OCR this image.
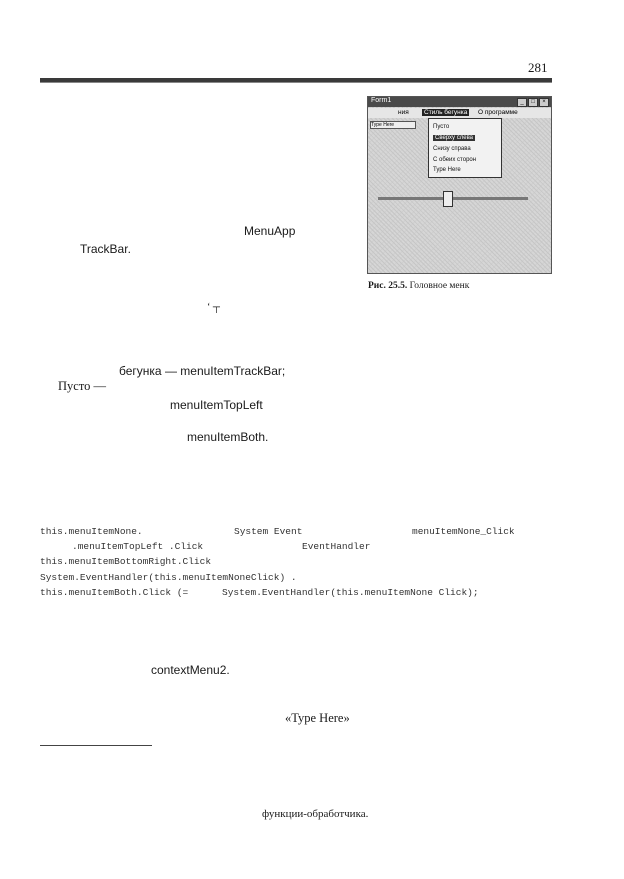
281
Form1	_	□	×
ния	Стиль бегунка	О программе
Type Here	Пусто
Сверху слева
Снизу справа
С обеих сторон
Type Here
Рис. 25.5. Головное менк
MenuApp
TrackBar.
ʻ ┬
бегунка — menuItemTrackBar;
Пусто —
menuItemTopLeft
menuItemBoth.
this.menuItemNone.	System Event	menuItemNone_Click
.menuItemTopLeft .Click	EventHandler
this.menuItemBottomRight.Click
System.EventHandler(this.menuItemNoneClick) .
this.menuItemBoth.Click (=	System.EventHandler(this.menuItemNone Click);
contextMenu2.
«Type Here»
функции-обработчика.
